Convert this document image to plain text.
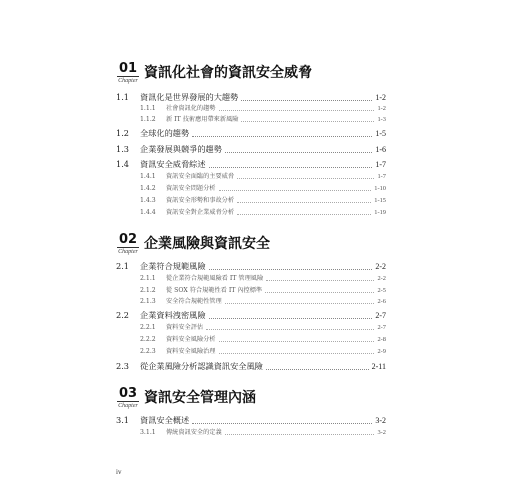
01
Chapter 資訊化社會的資訊安全威脅
1.1	資訊化是世界發展的大趨勢	1-2
1.1.1	社會資訊化的趨勢	1-2
1.1.2	新 IT 技術應用帶來新風險	1-3
1.2	全球化的趨勢	1-5
1.3	企業發展與競爭的趨勢	1-6
1.4	資訊安全威脅綜述	1-7
1.4.1	資訊安全面臨的主要威脅	1-7
1.4.2	資訊安全問題分析	1-10
1.4.3	資訊安全形勢和事故分析	1-15
1.4.4	資訊安全對企業威脅分析	1-19
02
Chapter 企業風險與資訊安全
2.1	企業符合規範風險	2-2
2.1.1	從企業符合規範風險看 IT 管理風險	2-2
2.1.2	從 SOX 符合規範性看 IT 內控標準	2-5
2.1.3	安全符合規範性管理	2-6
2.2	企業資料洩密風險	2-7
2.2.1	資料安全評估	2-7
2.2.2	資料安全風險分析	2-8
2.2.3	資料安全風險治理	2-9
2.3	從企業風險分析認識資訊安全風險	2-11
03
Chapter 資訊安全管理內涵
3.1	資訊安全概述	3-2
3.1.1	傳統資訊安全的定義	3-2
iv
